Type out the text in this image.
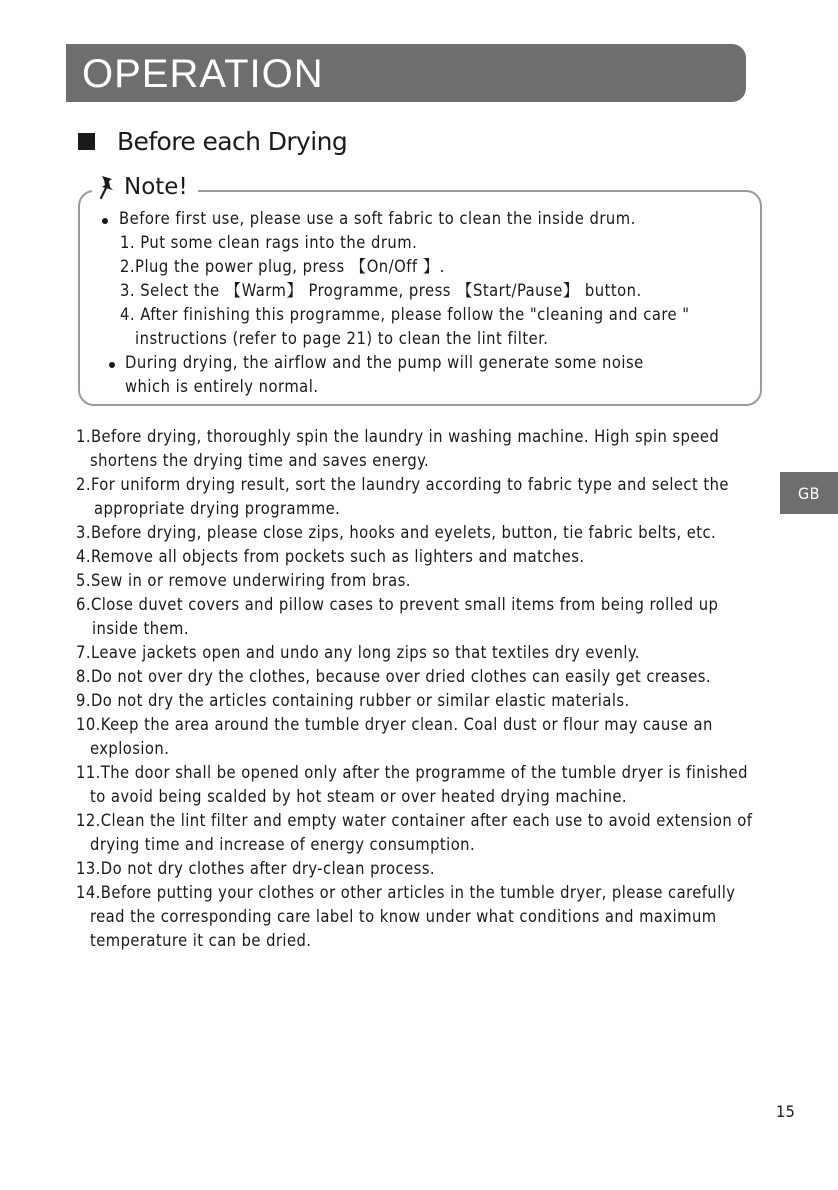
OPERATION
Before each Drying
Note!
Before first use, please use a soft fabric to clean the inside drum.
1. Put some clean rags into the drum.
2.Plug the power plug, press 【On/Off 】.
3. Select the 【Warm】 Programme, press 【Start/Pause】 button.
4. After finishing this programme, please follow the "cleaning and care "
instructions (refer to page 21) to clean the lint filter.
During drying, the airflow and the pump will generate some noise
which is entirely normal.
1.Before drying, thoroughly spin the laundry in washing machine. High spin speed
shortens the drying time and saves energy.
2.For uniform drying result, sort the laundry according to fabric type and select the
appropriate drying programme.
3.Before drying, please close zips, hooks and eyelets, button, tie fabric belts, etc.
4.Remove all objects from pockets such as lighters and matches.
5.Sew in or remove underwiring from bras.
6.Close duvet covers and pillow cases to prevent small items from being rolled up
inside them.
7.Leave jackets open and undo any long zips so that textiles dry evenly.
8.Do not over dry the clothes, because over dried clothes can easily get creases.
9.Do not dry the articles containing rubber or similar elastic materials.
10.Keep the area around the tumble dryer clean. Coal dust or flour may cause an
explosion.
11.The door shall be opened only after the programme of the tumble dryer is finished
to avoid being scalded by hot steam or over heated drying machine.
12.Clean the lint filter and empty water container after each use to avoid extension of
drying time and increase of energy consumption.
13.Do not dry clothes after dry-clean process.
14.Before putting your clothes or other articles in the tumble dryer, please carefully
read the corresponding care label to know under what conditions and maximum
temperature it can be dried.
GB
15
